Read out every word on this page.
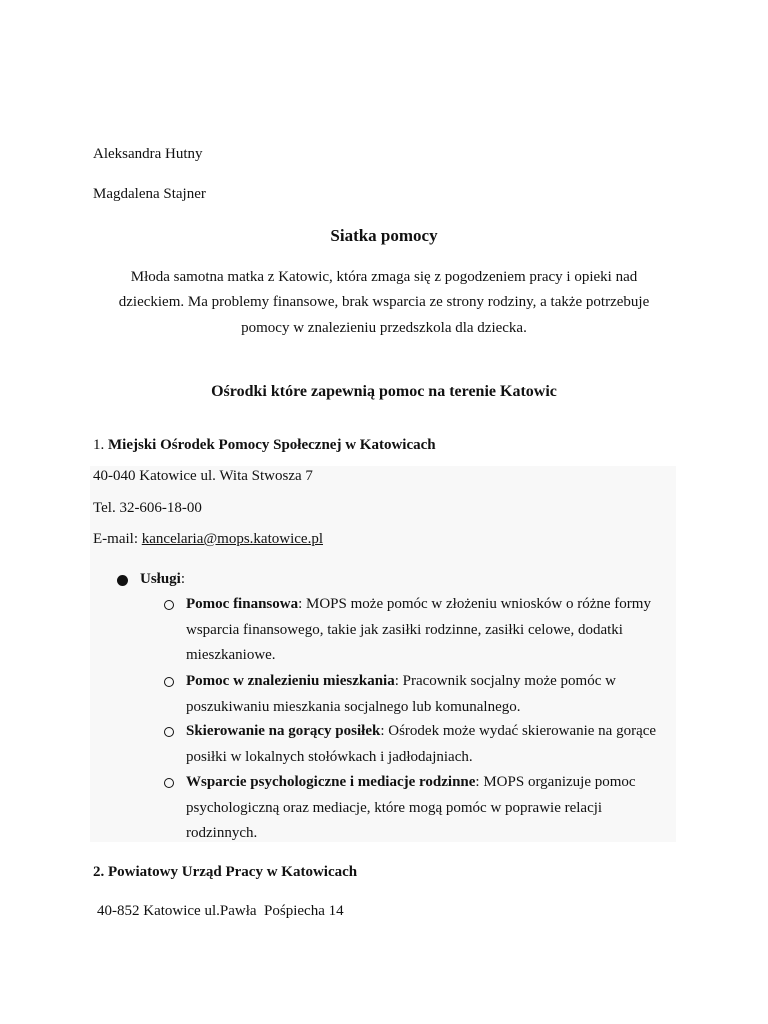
Aleksandra Hutny
Magdalena Stajner
Siatka pomocy
Młoda samotna matka z Katowic, która zmaga się z pogodzeniem pracy i opieki nad
dzieckiem. Ma problemy finansowe, brak wsparcia ze strony rodziny, a także potrzebuje
pomocy w znalezieniu przedszkola dla dziecka.
Ośrodki które zapewnią pomoc na terenie Katowic
1. Miejski Ośrodek Pomocy Społecznej w Katowicach
40-040 Katowice ul. Wita Stwosza 7
Tel. 32-606-18-00
E-mail: kancelaria@mops.katowice.pl
Usługi:
Pomoc finansowa: MOPS może pomóc w złożeniu wniosków o różne formy
wsparcia finansowego, takie jak zasiłki rodzinne, zasiłki celowe, dodatki
mieszkaniowe.
Pomoc w znalezieniu mieszkania: Pracownik socjalny może pomóc w
poszukiwaniu mieszkania socjalnego lub komunalnego.
Skierowanie na gorący posiłek: Ośrodek może wydać skierowanie na gorące
posiłki w lokalnych stołówkach i jadłodajniach.
Wsparcie psychologiczne i mediacje rodzinne: MOPS organizuje pomoc
psychologiczną oraz mediacje, które mogą pomóc w poprawie relacji
rodzinnych.
2. Powiatowy Urząd Pracy w Katowicach
40-852 Katowice ul.Pawła  Pośpiecha 14
